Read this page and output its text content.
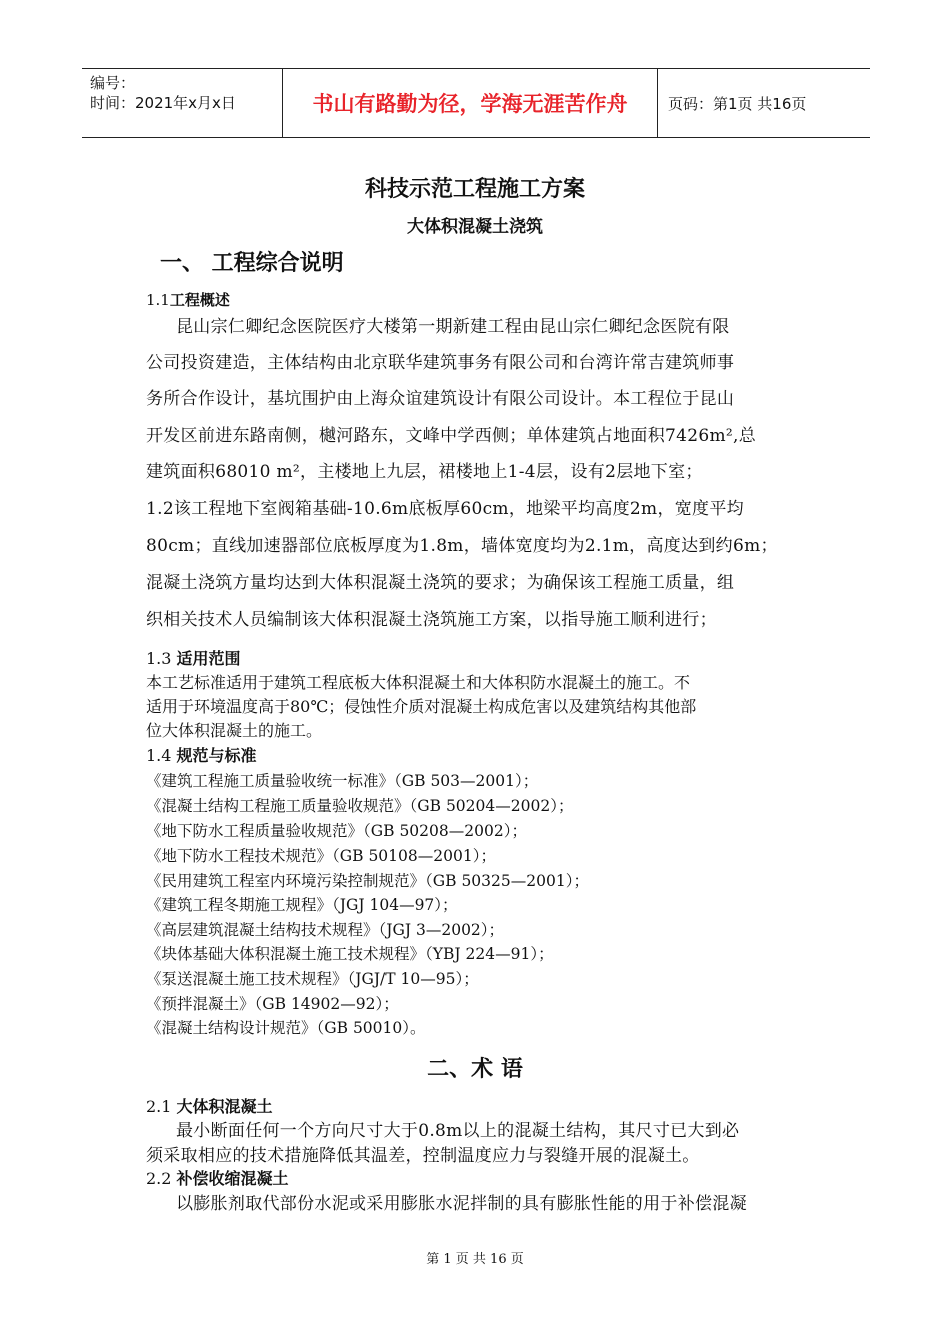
编号：
时间：2021年x月x日	书山有路勤为径，学海无涯苦作舟	页码：第1页 共16页
科技示范工程施工方案
大体积混凝土浇筑
一、 工程综合说明
1.1工程概述
昆山宗仁卿纪念医院医疗大楼第一期新建工程由昆山宗仁卿纪念医院有限
公司投资建造，主体结构由北京联华建筑事务有限公司和台湾许常吉建筑师事
务所合作设计，基坑围护由上海众谊建筑设计有限公司设计。本工程位于昆山
开发区前进东路南侧，樾河路东，文峰中学西侧；单体建筑占地面积7426m²,总
建筑面积68010 m²，主楼地上九层，裙楼地上1-4层，设有2层地下室；
1.2该工程地下室阀箱基础-10.6m底板厚60cm，地梁平均高度2m，宽度平均
80cm；直线加速器部位底板厚度为1.8m，墙体宽度均为2.1m，高度达到约6m；
混凝土浇筑方量均达到大体积混凝土浇筑的要求；为确保该工程施工质量，组
织相关技术人员编制该大体积混凝土浇筑施工方案，以指导施工顺利进行；
1.3 适用范围
本工艺标准适用于建筑工程底板大体积混凝土和大体积防水混凝土的施工。不
适用于环境温度高于80℃；侵蚀性介质对混凝土构成危害以及建筑结构其他部
位大体积混凝土的施工。
1.4 规范与标准
《建筑工程施工质量验收统一标准》（GB 503—2001）；
《混凝土结构工程施工质量验收规范》（GB 50204—2002）；
《地下防水工程质量验收规范》（GB 50208—2002）；
《地下防水工程技术规范》（GB 50108—2001）；
《民用建筑工程室内环境污染控制规范》（GB 50325—2001）；
《建筑工程冬期施工规程》（JGJ 104—97）；
《高层建筑混凝土结构技术规程》（JGJ 3—2002）；
《块体基础大体积混凝土施工技术规程》（YBJ 224—91）；
《泵送混凝土施工技术规程》（JGJ/T 10—95）；
《预拌混凝土》（GB 14902—92）；
《混凝土结构设计规范》（GB 50010）。
二、术 语
2.1 大体积混凝土
最小断面任何一个方向尺寸大于0.8m以上的混凝土结构，其尺寸已大到必
须采取相应的技术措施降低其温差，控制温度应力与裂缝开展的混凝土。
2.2 补偿收缩混凝土
以膨胀剂取代部份水泥或采用膨胀水泥拌制的具有膨胀性能的用于补偿混凝
第 1 页 共 16 页
